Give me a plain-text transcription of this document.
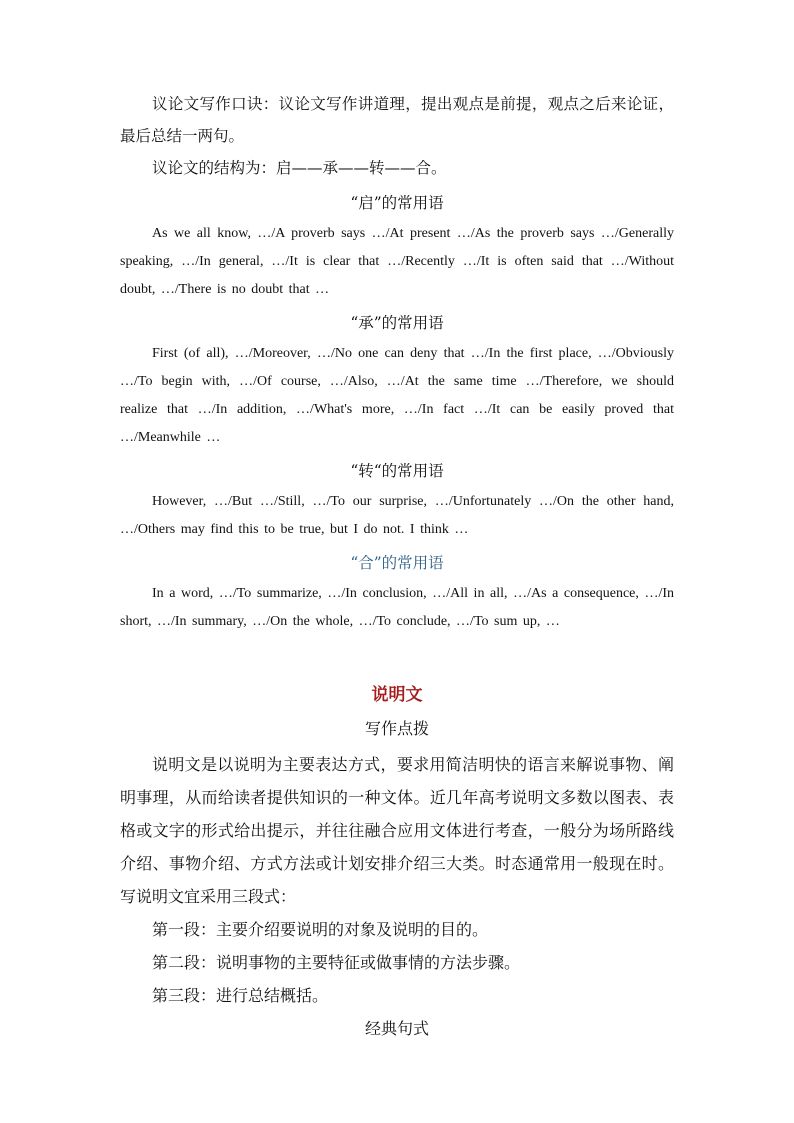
议论文写作口诀：议论文写作讲道理，提出观点是前提，观点之后来论证，最后总结一两句。

议论文的结构为：启——承——转——合。

“启”的常用语

As we all know, …/A proverb says …/At present …/As the proverb says …/Generally speaking, …/In general, …/It is clear that …/Recently …/It is often said that …/Without doubt, …/There is no doubt that …

“承”的常用语

First (of all), …/Moreover, …/No one can deny that …/In the first place, …/Obviously …/To begin with, …/Of course, …/Also, …/At the same time …/Therefore, we should realize that …/In addition, …/What's more, …/In fact …/It can be easily proved that …/Meanwhile …

“转“的常用语

However, …/But …/Still, …/To our surprise, …/Unfortunately …/On the other hand, …/Others may find this to be true, but I do not. I think …

“合”的常用语

In a word, …/To summarize, …/In conclusion, …/All in all, …/As a consequence, …/In short, …/In summary, …/On the whole, …/To conclude, …/To sum up, …

说明文
写作点拨

说明文是以说明为主要表达方式，要求用简洁明快的语言来解说事物、阐明事理，从而给读者提供知识的一种文体。近几年高考说明文多数以图表、表格或文字的形式给出提示，并往往融合应用文体进行考查，一般分为场所路线介绍、事物介绍、方式方法或计划安排介绍三大类。时态通常用一般现在时。写说明文宜采用三段式：

第一段：主要介绍要说明的对象及说明的目的。

第二段：说明事物的主要特征或做事情的方法步骤。

第三段：进行总结概括。

经典句式
